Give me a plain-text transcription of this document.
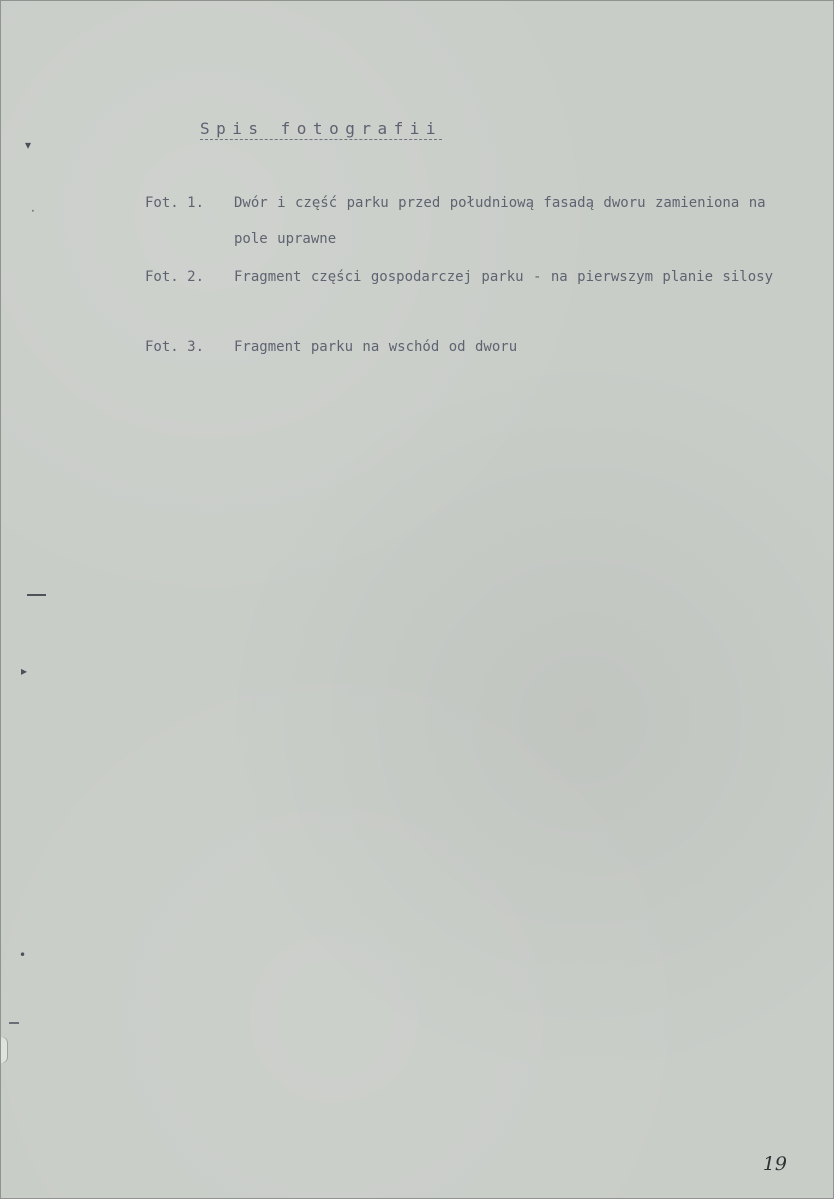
▾
·
▸
•
Spis fotografii
Fot. 1.	Dwór i część parku przed południową fasadą dworu zamieniona na pole uprawne
Fot. 2.	Fragment części gospodarczej parku - na pierwszym planie silosy
Fot. 3.	Fragment parku na wschód od dworu
19
